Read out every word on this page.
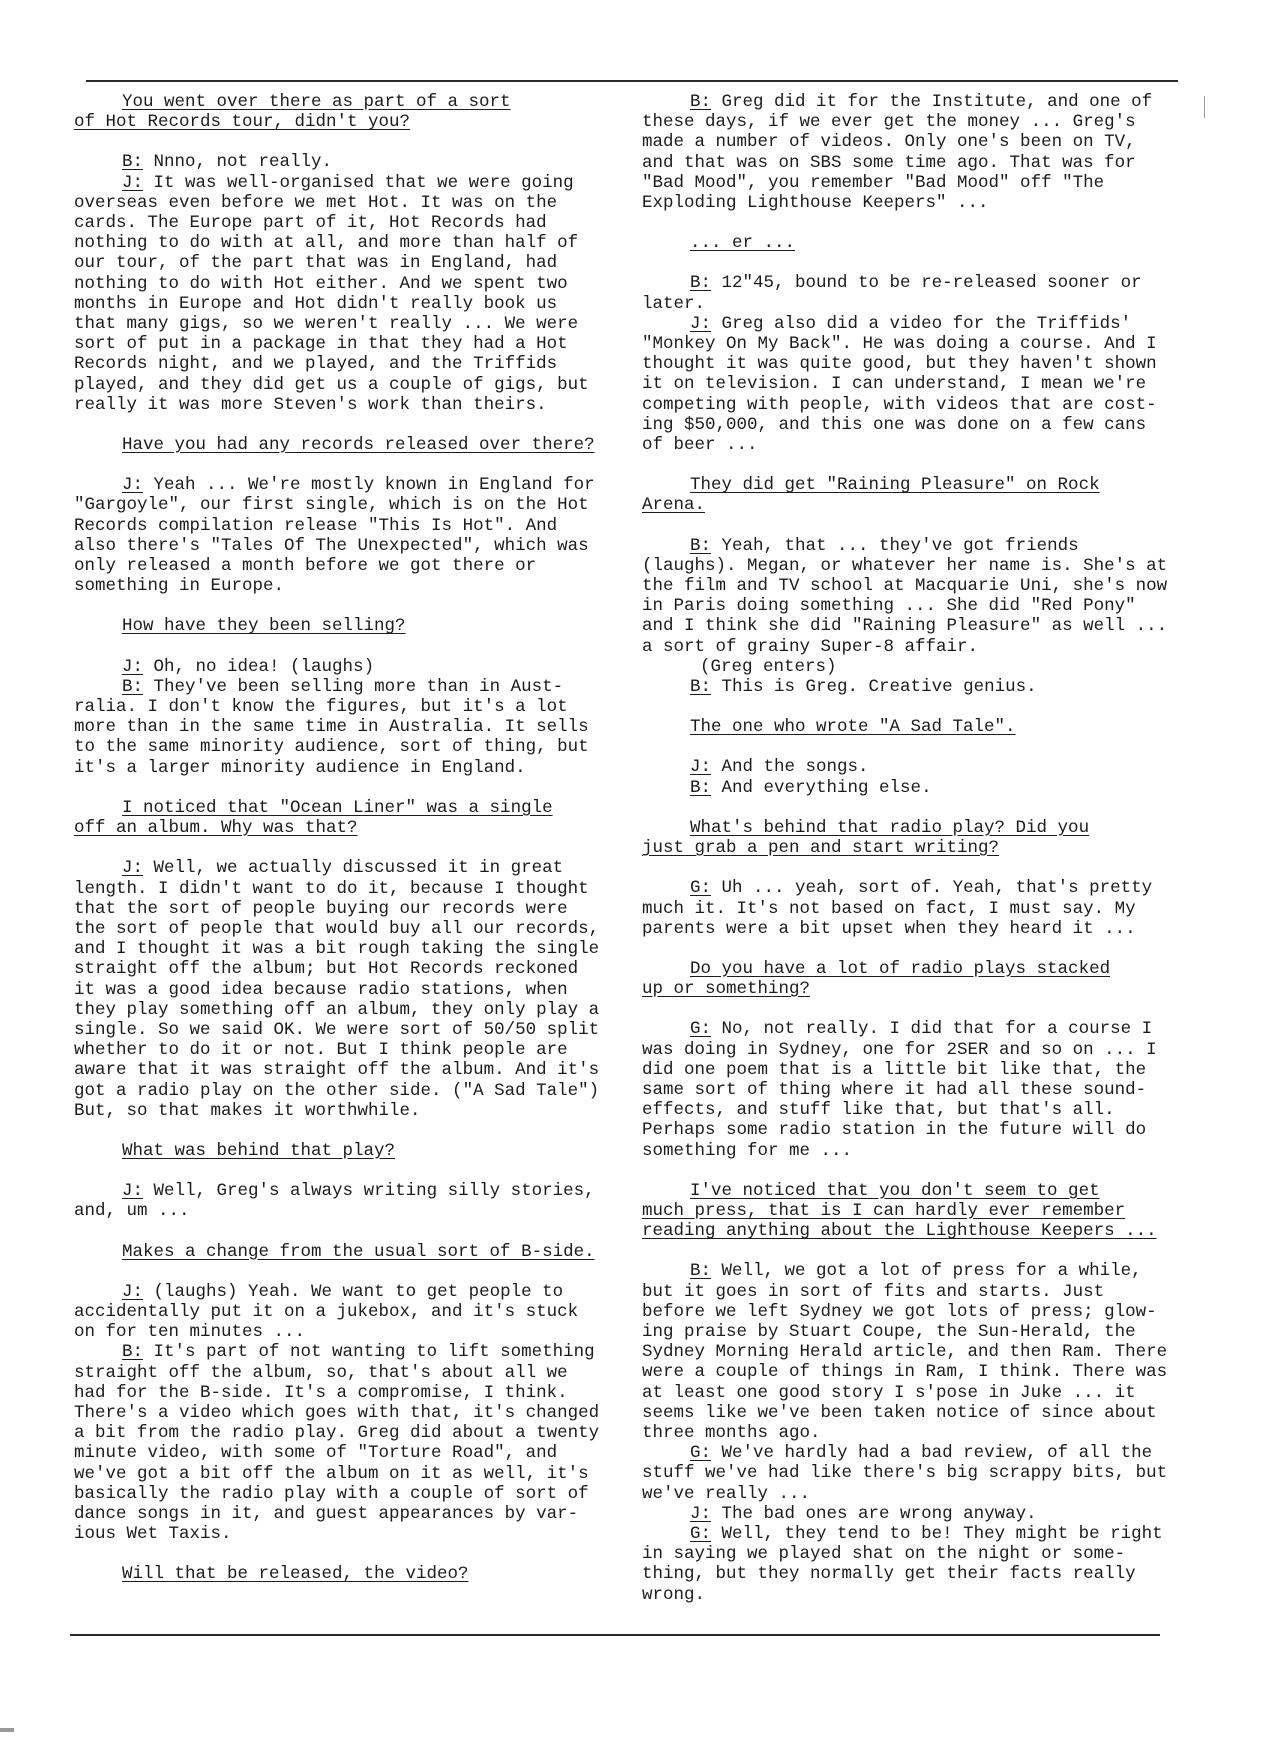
You went over there as part of a sort
of Hot Records tour, didn't you?
B: Nnno, not really.
J: It was well-organised that we were going
overseas even before we met Hot. It was on the
cards. The Europe part of it, Hot Records had
nothing to do with at all, and more than half of
our tour, of the part that was in England, had
nothing to do with Hot either. And we spent two
months in Europe and Hot didn't really book us
that many gigs, so we weren't really ... We were
sort of put in a package in that they had a Hot
Records night, and we played, and the Triffids
played, and they did get us a couple of gigs, but
really it was more Steven's work than theirs.
Have you had any records released over there?
J: Yeah ... We're mostly known in England for
"Gargoyle", our first single, which is on the Hot
Records compilation release "This Is Hot". And
also there's "Tales Of The Unexpected", which was
only released a month before we got there or
something in Europe.
How have they been selling?
J: Oh, no idea! (laughs)
B: They've been selling more than in Aust-
ralia. I don't know the figures, but it's a lot
more than in the same time in Australia. It sells
to the same minority audience, sort of thing, but
it's a larger minority audience in England.
I noticed that "Ocean Liner" was a single
off an album. Why was that?
J: Well, we actually discussed it in great
length. I didn't want to do it, because I thought
that the sort of people buying our records were
the sort of people that would buy all our records,
and I thought it was a bit rough taking the single
straight off the album; but Hot Records reckoned
it was a good idea because radio stations, when
they play something off an album, they only play a
single. So we said OK. We were sort of 50/50 split
whether to do it or not. But I think people are
aware that it was straight off the album. And it's
got a radio play on the other side. ("A Sad Tale")
But, so that makes it worthwhile.
What was behind that play?
J: Well, Greg's always writing silly stories,
and, um ...
Makes a change from the usual sort of B-side.
J: (laughs) Yeah. We want to get people to
accidentally put it on a jukebox, and it's stuck
on for ten minutes ...
B: It's part of not wanting to lift something
straight off the album, so, that's about all we
had for the B-side. It's a compromise, I think.
There's a video which goes with that, it's changed
a bit from the radio play. Greg did about a twenty
minute video, with some of "Torture Road", and
we've got a bit off the album on it as well, it's
basically the radio play with a couple of sort of
dance songs in it, and guest appearances by var-
ious Wet Taxis.
Will that be released, the video?
B: Greg did it for the Institute, and one of
these days, if we ever get the money ... Greg's
made a number of videos. Only one's been on TV,
and that was on SBS some time ago. That was for
"Bad Mood", you remember "Bad Mood" off "The
Exploding Lighthouse Keepers" ...
... er ...
B: 12"45, bound to be re-released sooner or
later.
J: Greg also did a video for the Triffids'
"Monkey On My Back". He was doing a course. And I
thought it was quite good, but they haven't shown
it on television. I can understand, I mean we're
competing with people, with videos that are cost-
ing $50,000, and this one was done on a few cans
of beer ...
They did get "Raining Pleasure" on Rock
Arena.
B: Yeah, that ... they've got friends
(laughs). Megan, or whatever her name is. She's at
the film and TV school at Macquarie Uni, she's now
in Paris doing something ... She did "Red Pony"
and I think she did "Raining Pleasure" as well ...
a sort of grainy Super-8 affair.
(Greg enters)
B: This is Greg. Creative genius.
The one who wrote "A Sad Tale".
J: And the songs.
B: And everything else.
What's behind that radio play? Did you
just grab a pen and start writing?
G: Uh ... yeah, sort of. Yeah, that's pretty
much it. It's not based on fact, I must say. My
parents were a bit upset when they heard it ...
Do you have a lot of radio plays stacked
up or something?
G: No, not really. I did that for a course I
was doing in Sydney, one for 2SER and so on ... I
did one poem that is a little bit like that, the
same sort of thing where it had all these sound-
effects, and stuff like that, but that's all.
Perhaps some radio station in the future will do
something for me ...
I've noticed that you don't seem to get
much press, that is I can hardly ever remember
reading anything about the Lighthouse Keepers ...
B: Well, we got a lot of press for a while,
but it goes in sort of fits and starts. Just
before we left Sydney we got lots of press; glow-
ing praise by Stuart Coupe, the Sun-Herald, the
Sydney Morning Herald article, and then Ram. There
were a couple of things in Ram, I think. There was
at least one good story I s'pose in Juke ... it
seems like we've been taken notice of since about
three months ago.
G: We've hardly had a bad review, of all the
stuff we've had like there's big scrappy bits, but
we've really ...
J: The bad ones are wrong anyway.
G: Well, they tend to be! They might be right
in saying we played shat on the night or some-
thing, but they normally get their facts really
wrong.
